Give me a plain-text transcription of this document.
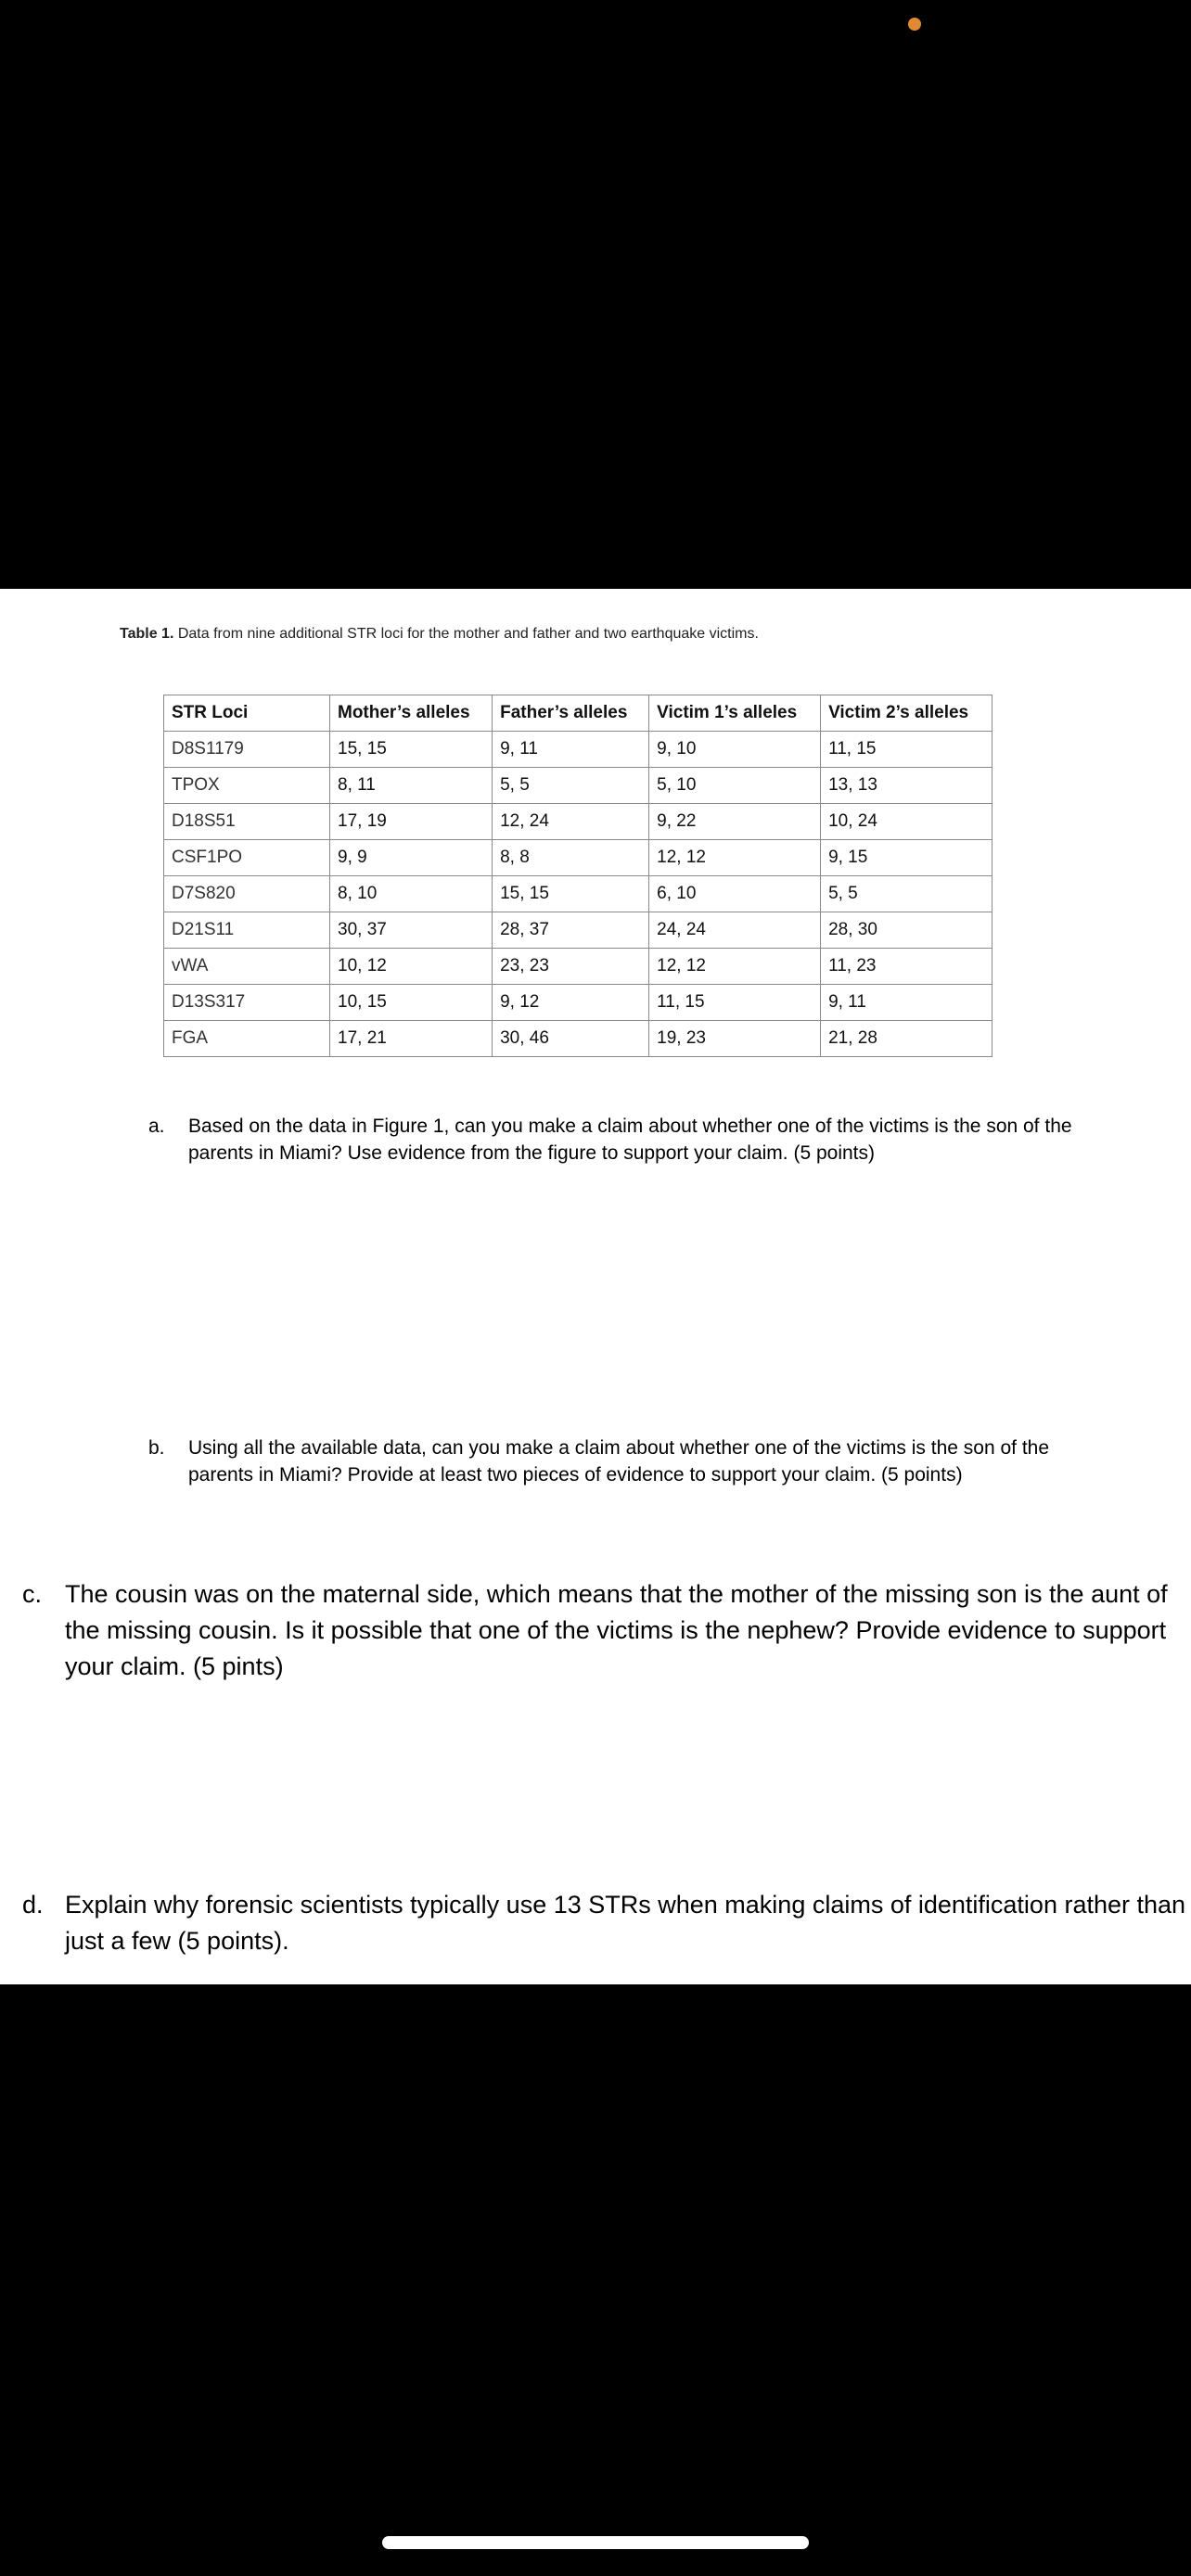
Table 1. Data from nine additional STR loci for the mother and father and two earthquake victims.
STR Loci	Mother’s alleles	Father’s alleles	Victim 1’s alleles	Victim 2’s alleles
D8S1179	15, 15	9, 11	9, 10	11, 15
TPOX	8, 11	5, 5	5, 10	13, 13
D18S51	17, 19	12, 24	9, 22	10, 24
CSF1PO	9, 9	8, 8	12, 12	9, 15
D7S820	8, 10	15, 15	6, 10	5, 5
D21S11	30, 37	28, 37	24, 24	28, 30
vWA	10, 12	23, 23	12, 12	11, 23
D13S317	10, 15	9, 12	11, 15	9, 11
FGA	17, 21	30, 46	19, 23	21, 28
a.	Based on the data in Figure 1, can you make a claim about whether one of the victims is the son of the parents in Miami? Use evidence from the figure to support your claim. (5 points)
b.	Using all the available data, can you make a claim about whether one of the victims is the son of the parents in Miami? Provide at least two pieces of evidence to support your claim. (5 points)
c. The cousin was on the maternal side, which means that the mother of the missing son is the aunt of the missing cousin. Is it possible that one of the victims is the nephew? Provide evidence to support your claim. (5 pints)
d. Explain why forensic scientists typically use 13 STRs when making claims of identification rather than just a few (5 points).
